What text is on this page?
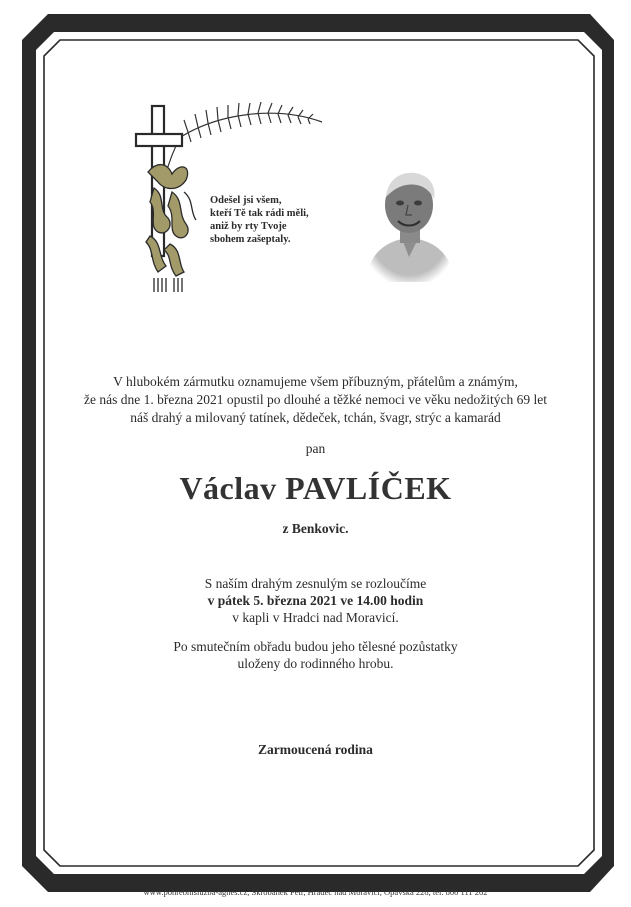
Odešel jsi všem,
kteří Tě tak rádi měli,
aniž by rty Tvoje
sbohem zašeptaly.
V hlubokém zármutku oznamujeme všem příbuzným, přátelům a známým,
že nás dne 1. března 2021 opustil po dlouhé a těžké nemoci ve věku nedožitých 69 let
náš drahý a milovaný tatínek, dědeček, tchán, švagr, strýc a kamarád
pan
Václav PAVLÍČEK
z Benkovic.
S naším drahým zesnulým se rozloučíme
v pátek 5. března 2021 ve 14.00 hodin
v kapli v Hradci nad Moravicí.
Po smutečním obřadu budou jeho tělesné pozůstatky
uloženy do rodinného hrobu.
Zarmoucená rodina
www.pohrebnisluzba-agnes.cz, Škrobánek Petr, Hradec nad Moravicí, Opavská 228, tel. 800 111 202
